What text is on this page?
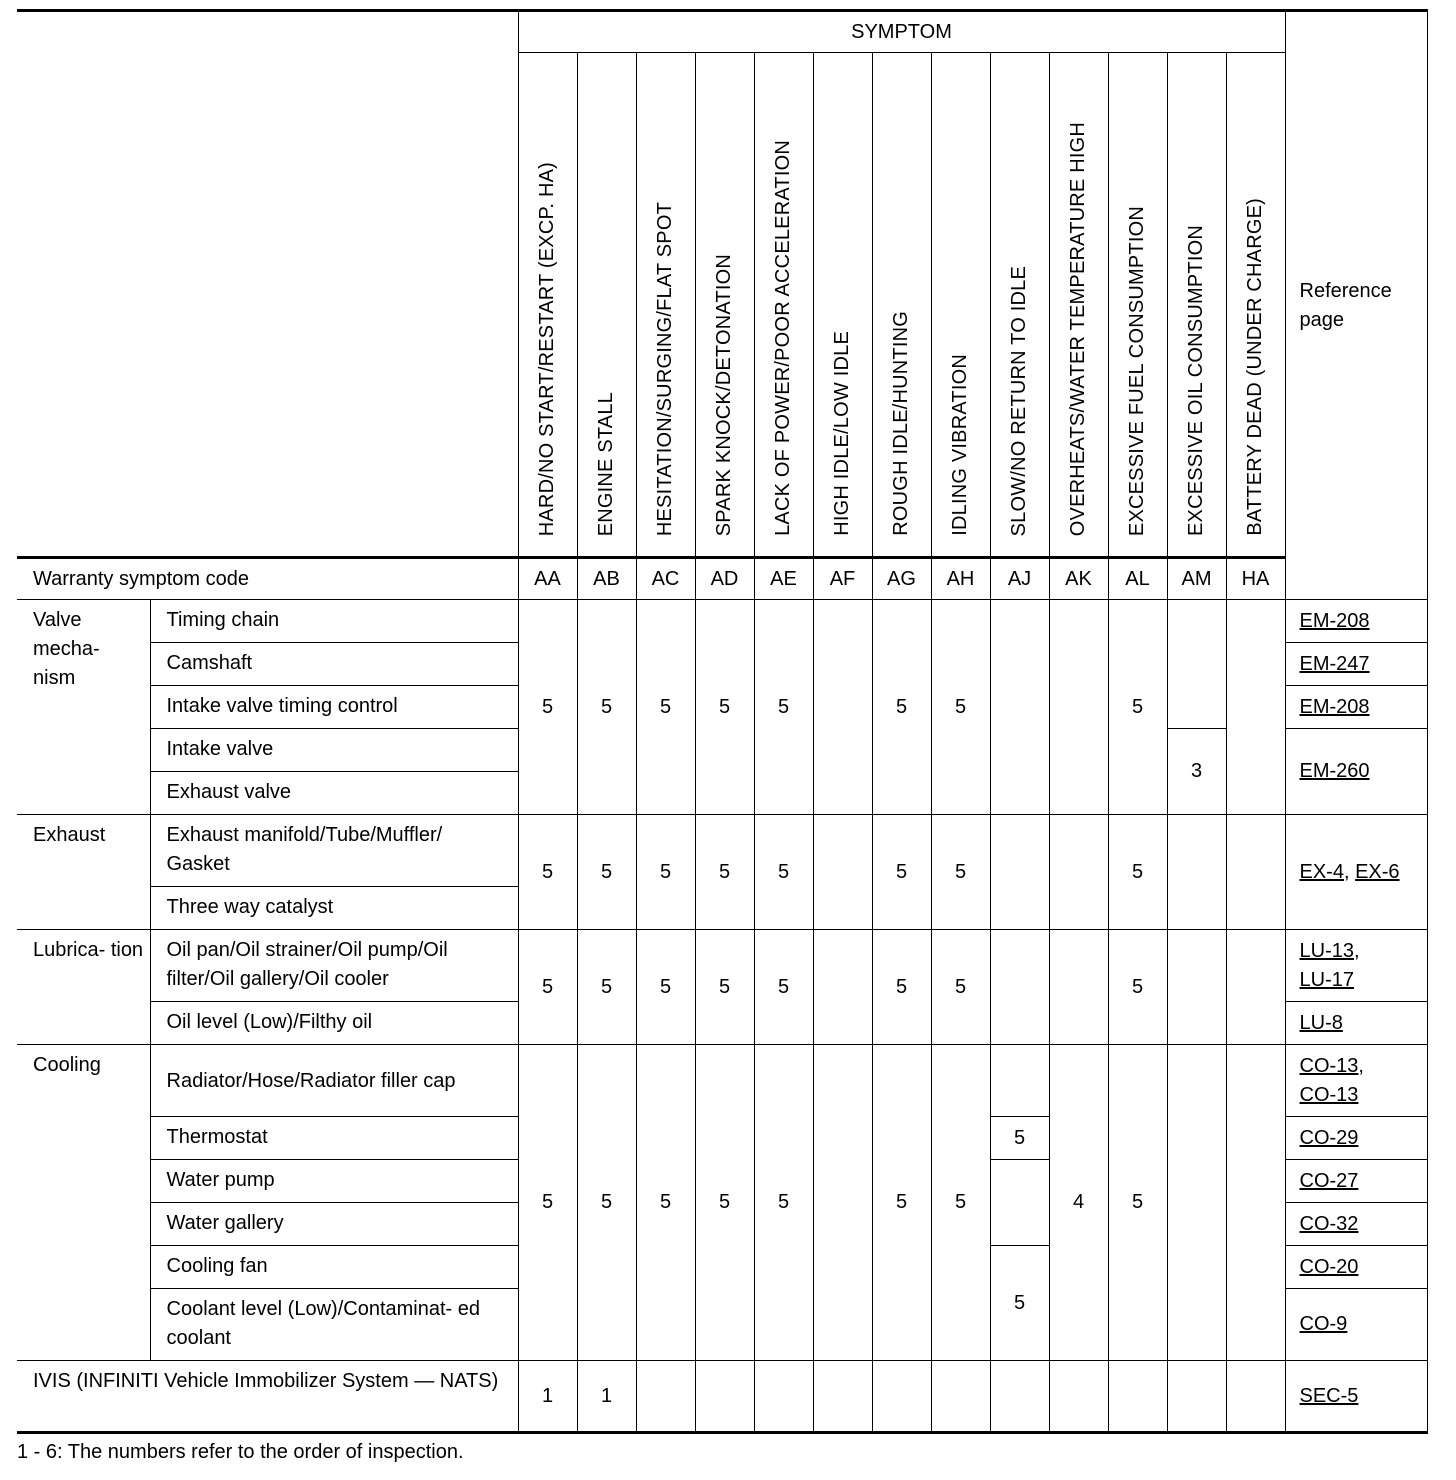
		SYMPTOM													Reference page
		HARD/NO START/RESTART (EXCP. HA)	ENGINE STALL	HESITATION/SURGING/FLAT SPOT	SPARK KNOCK/DETONATION	LACK OF POWER/POOR ACCELERATION	HIGH IDLE/LOW IDLE	ROUGH IDLE/HUNTING	IDLING VIBRATION	SLOW/NO RETURN TO IDLE	OVERHEATS/WATER TEMPERATURE HIGH	EXCESSIVE FUEL CONSUMPTION	EXCESSIVE OIL CONSUMPTION	BATTERY DEAD (UNDER CHARGE)	
Warranty symptom code		AA	AB	AC	AD	AE	AF	AG	AH	AJ	AK	AL	AM	HA	
Valve mecha- nism	Timing chain	5	5	5	5	5		5	5			5			EM-208
	Camshaft														EM-247
	Intake valve timing control														EM-208
	Intake valve												3		EM-260
	Exhaust valve														
Exhaust	Exhaust manifold/Tube/Muffler/ Gasket	5	5	5	5	5		5	5			5			EX-4, EX-6
	Three way catalyst														
Lubrica- tion	Oil pan/Oil strainer/Oil pump/Oil filter/Oil gallery/Oil cooler	5	5	5	5	5		5	5			5			LU-13,
LU-17
	Oil level (Low)/Filthy oil														LU-8
Cooling	Radiator/Hose/Radiator filler cap	5	5	5	5	5		5	5		4	5			CO-13,
CO-13
	Thermostat									5					CO-29
	Water pump														CO-27
	Water gallery														CO-32
	Cooling fan									5					CO-20
	Coolant level (Low)/Contaminat- ed coolant														CO-9
IVIS (INFINITI Vehicle Immobilizer System — NATS)		1	1												SEC-5
1 - 6: The numbers refer to the order of inspection.
